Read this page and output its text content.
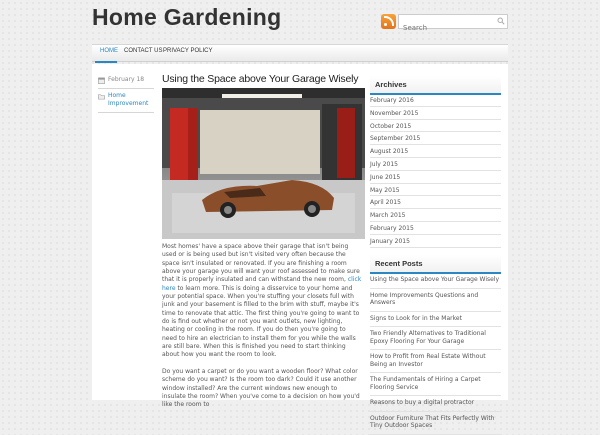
Home Gardening
Search
HOME CONTACT US PRIVACY POLICY
February 18
Home Improvement
Using the Space above Your Garage Wisely

Most homes' have a space above their garage that isn't being used or is being used but isn't visited very often because the space isn't insulated or renovated. If you are finishing a room above your garage you will want your roof assessed to make sure that it is properly insulated and can withstand the new room, click here to learn more. This is doing a disservice to your home and your potential space. When you're stuffing your closets full with junk and your basement is filled to the brim with stuff, maybe it's time to renovate that attic. The first thing you're going to want to do is find out whether or not you want outlets, new lighting, heating or cooling in the room. If you do then you're going to need to hire an electrician to install them for you while the walls are still bare. When this is finished you need to start thinking about how you want the room to look.

Do you want a carpet or do you want a wooden floor? What color scheme do you want? Is the room too dark? Could it use another window installed? Are the current windows new enough to insulate the room? When you've come to a decision on how you'd like the room to

Archives
February 2016
November 2015
October 2015
September 2015
August 2015
July 2015
June 2015
May 2015
April 2015
March 2015
February 2015
January 2015
Recent Posts
Using the Space above Your Garage Wisely
Home Improvements Questions and Answers
Signs to Look for in the Market
Two Friendly Alternatives to Traditional Epoxy Flooring For Your Garage
How to Profit from Real Estate Without Being an Investor
The Fundamentals of Hiring a Carpet Flooring Service
Reasons to buy a digital protractor
Outdoor Furniture That Fits Perfectly With Tiny Outdoor Spaces
